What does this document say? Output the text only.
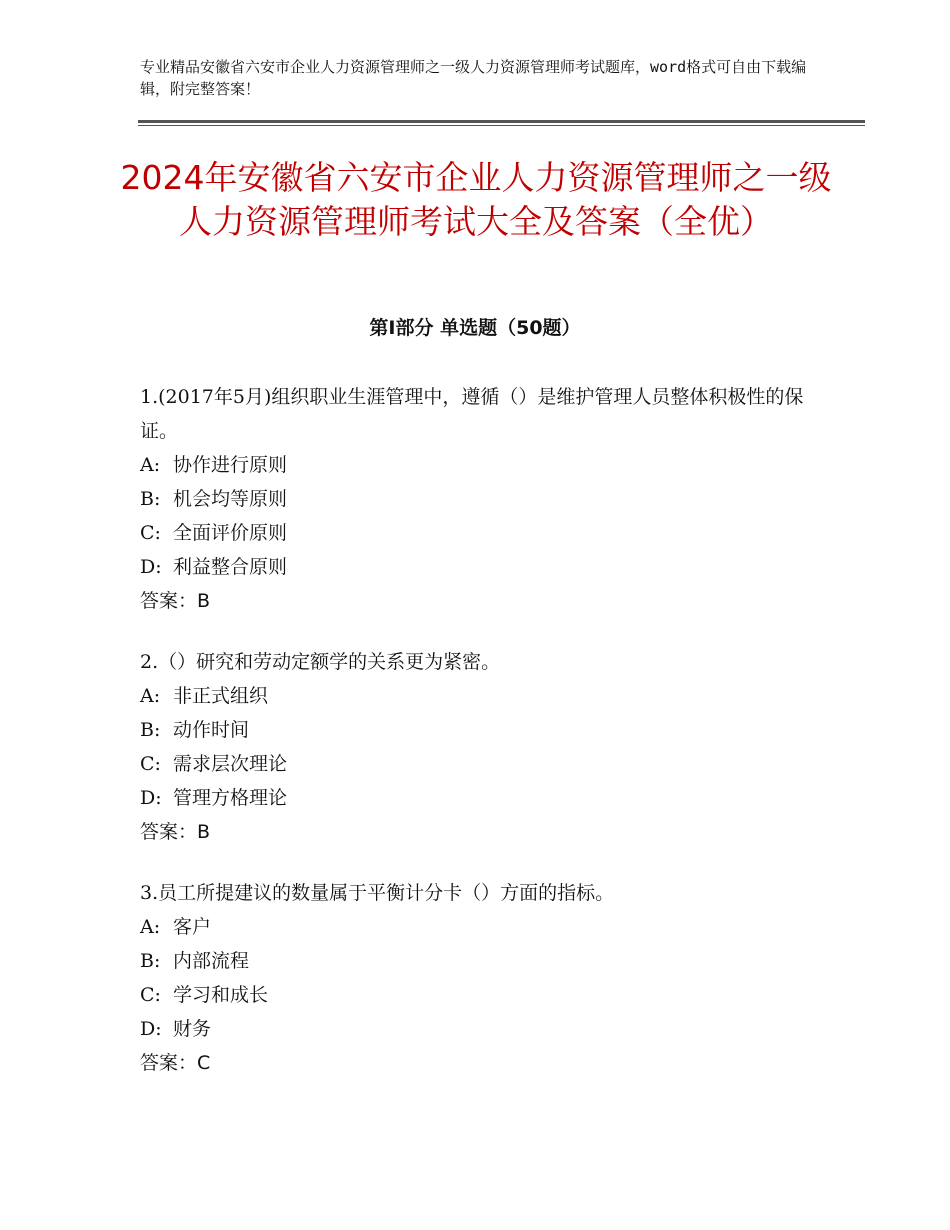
专业精品安徽省六安市企业人力资源管理师之一级人力资源管理师考试题库，word格式可自由下载编辑，附完整答案！
2024年安徽省六安市企业人力资源管理师之一级人力资源管理师考试大全及答案（全优）
第Ⅰ部分 单选题（50题）

1.(2017年5月)组织职业生涯管理中，遵循（）是维护管理人员整体积极性的保证。

A: 协作进行原则

B: 机会均等原则

C: 全面评价原则

D: 利益整合原则

答案：B

2.（）研究和劳动定额学的关系更为紧密。

A: 非正式组织

B: 动作时间

C: 需求层次理论

D: 管理方格理论

答案：B

3.员工所提建议的数量属于平衡计分卡（）方面的指标。

A: 客户

B: 内部流程

C: 学习和成长

D: 财务

答案：C
